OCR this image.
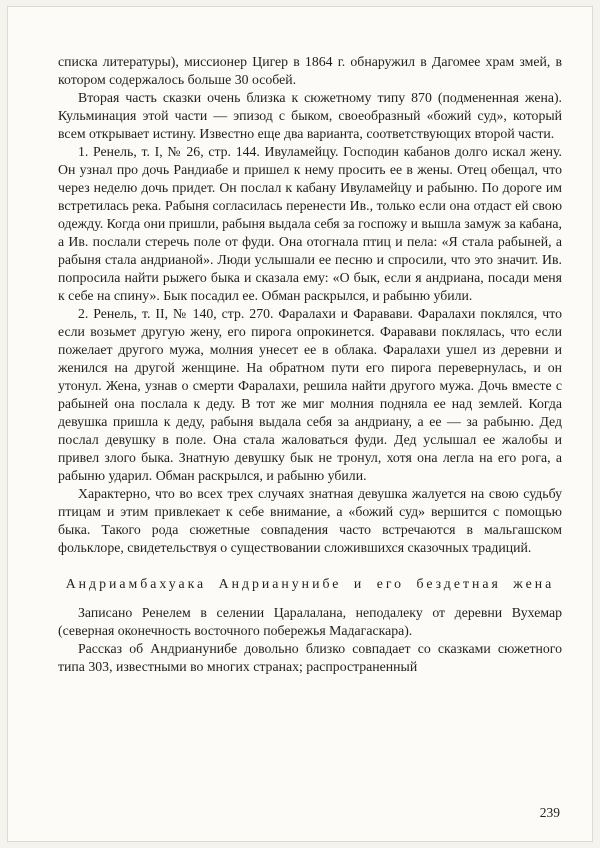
списка литературы), миссионер Цигер в 1864 г. обнаружил в Дагомее храм змей, в котором содержалось больше 30 особей.

Вторая часть сказки очень близка к сюжетному типу 870 (подмененная жена). Кульминация этой части — эпизод с быком, своеобразный «божий суд», который всем открывает истину. Известно еще два варианта, соответствующих второй части.

1. Ренель, т. I, № 26, стр. 144. Ивуламейцу. Господин кабанов долго искал жену. Он узнал про дочь Рандиабе и пришел к нему просить ее в жены. Отец обещал, что через неделю дочь придет. Он послал к кабану Ивуламейцу и рабыню. По дороге им встретилась река. Рабыня согласилась перенести Ив., только если она отдаст ей свою одежду. Когда они пришли, рабыня выдала себя за госпожу и вышла замуж за кабана, а Ив. послали стеречь поле от фуди. Она отогнала птиц и пела: «Я стала рабыней, а рабыня стала андрианой». Люди услышали ее песню и спросили, что это значит. Ив. попросила найти рыжего быка и сказала ему: «О бык, если я андриана, посади меня к себе на спину». Бык посадил ее. Обман раскрылся, и рабыню убили.

2. Ренель, т. II, № 140, стр. 270. Фаралахи и Фаравави. Фаралахи поклялся, что если возьмет другую жену, его пирога опрокинется. Фаравави поклялась, что если пожелает другого мужа, молния унесет ее в облака. Фаралахи ушел из деревни и женился на другой женщине. На обратном пути его пирога перевернулась, и он утонул. Жена, узнав о смерти Фаралахи, решила найти другого мужа. Дочь вместе с рабыней она послала к деду. В тот же миг молния подняла ее над землей. Когда девушка пришла к деду, рабыня выдала себя за андриану, а ее — за рабыню. Дед послал девушку в поле. Она стала жаловаться фуди. Дед услышал ее жалобы и привел злого быка. Знатную девушку бык не тронул, хотя она легла на его рога, а рабыню ударил. Обман раскрылся, и рабыню убили.

Характерно, что во всех трех случаях знатная девушка жалуется на свою судьбу птицам и этим привлекает к себе внимание, а «божий суд» вершится с помощью быка. Такого рода сюжетные совпадения часто встречаются в мальгашском фольклоре, свидетельствуя о существовании сложившихся сказочных традиций.

Андриамбахуака Андрианунибе и его бездетная жена

Записано Ренелем в селении Царалалана, неподалеку от деревни Вухемар (северная оконечность восточного побережья Мадагаскара).

Рассказ об Андрианунибе довольно близко совпадает со сказками сюжетного типа 303, известными во многих странах; распространенный

239
